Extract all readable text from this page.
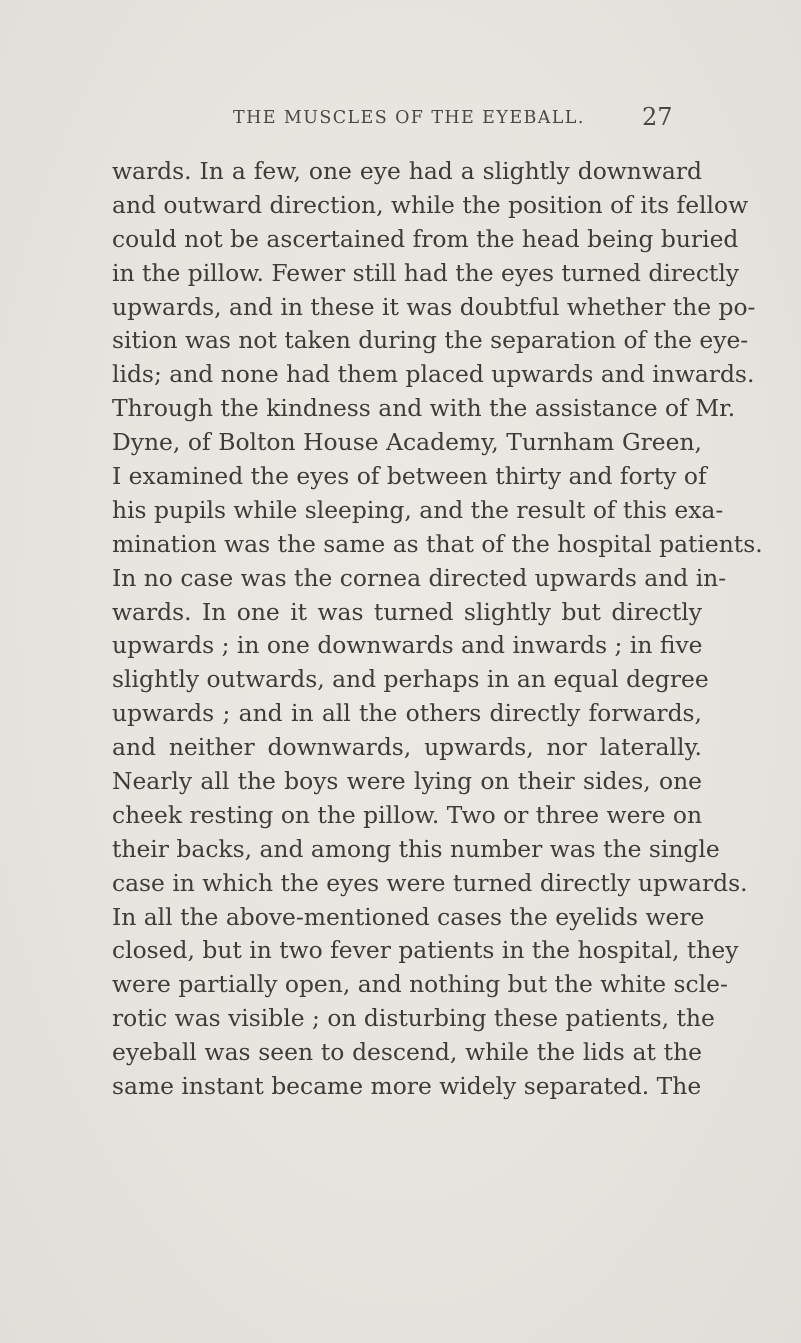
THE MUSCLES OF THE EYEBALL. 27
wards. In a few, one eye had a slightly downward
and outward direction, while the position of its fellow
could not be ascertained from the head being buried
in the pillow. Fewer still had the eyes turned directly
upwards, and in these it was doubtful whether the po-
sition was not taken during the separation of the eye-
lids; and none had them placed upwards and inwards.
Through the kindness and with the assistance of Mr.
Dyne, of Bolton House Academy, Turnham Green,
I examined the eyes of between thirty and forty of
his pupils while sleeping, and the result of this exa-
mination was the same as that of the hospital patients.
In no case was the cornea directed upwards and in-
wards. In one it was turned slightly but directly
upwards ; in one downwards and inwards ; in five
slightly outwards, and perhaps in an equal degree
upwards ; and in all the others directly forwards,
and neither downwards, upwards, nor laterally.
Nearly all the boys were lying on their sides, one
cheek resting on the pillow. Two or three were on
their backs, and among this number was the single
case in which the eyes were turned directly upwards.
In all the above-mentioned cases the eyelids were
closed, but in two fever patients in the hospital, they
were partially open, and nothing but the white scle-
rotic was visible ; on disturbing these patients, the
eyeball was seen to descend, while the lids at the
same instant became more widely separated. The
